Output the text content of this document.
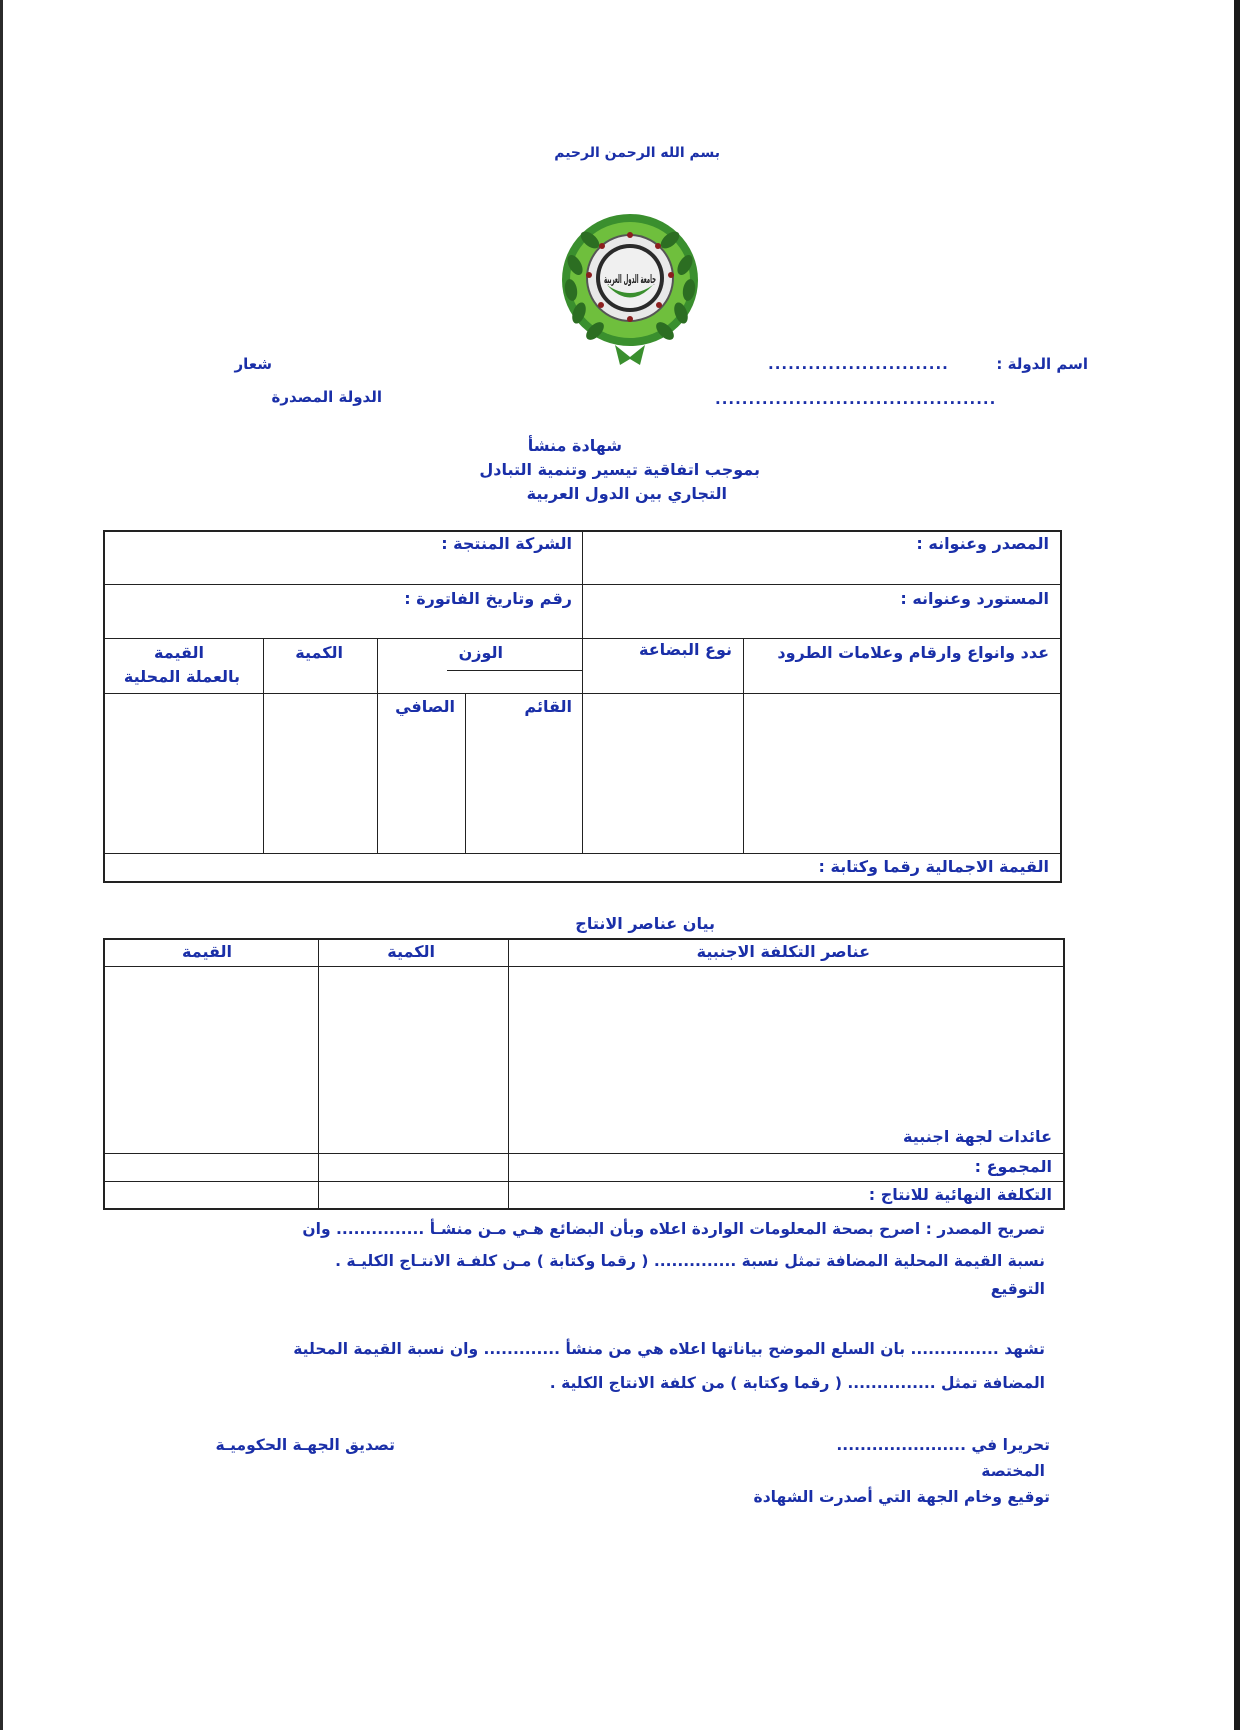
بسم الله الرحمن الرحيم
اسم الدولة :
...........................
..........................................
شعار
الدولة المصدرة
شهادة منشأ
بموجب اتفاقية تيسير وتنمية التبادل
التجاري بين الدول العربية
المصدر وعنوانه :
الشركة المنتجة :
المستورد وعنوانه :
رقم وتاريخ الفاتورة :
عدد وانواع وارقام وعلامات الطرود
نوع البضاعة
الوزن
الكمية
القيمة
بالعملة المحلية
القائم
الصافي
القيمة الاجمالية رقما وكتابة :
بيان عناصر الانتاج
عناصر التكلفة الاجنبية
الكمية
القيمة
عائدات لجهة اجنبية
المجموع :
التكلفة النهائية للانتاج :
تصريح المصدر : اصرح بصحة المعلومات الواردة اعلاه وبأن البضائع هـي مـن منشـأ ............... وان
نسبة القيمة المحلية المضافة تمثل نسبة .............. ( رقما وكتابة ) مـن كلفـة الانتـاج الكليـة .
التوقيع
تشهد ............... بان السلع الموضح بياناتها اعلاه هي من منشأ ............. وان نسبة القيمة المحلية
المضافة تمثل ............... ( رقما وكتابة ) من كلفة الانتاج الكلية .
تحريرا في ......................
المختصة
توقيع وخام الجهة التي أصدرت الشهادة
تصديق الجهـة الحكوميـة
